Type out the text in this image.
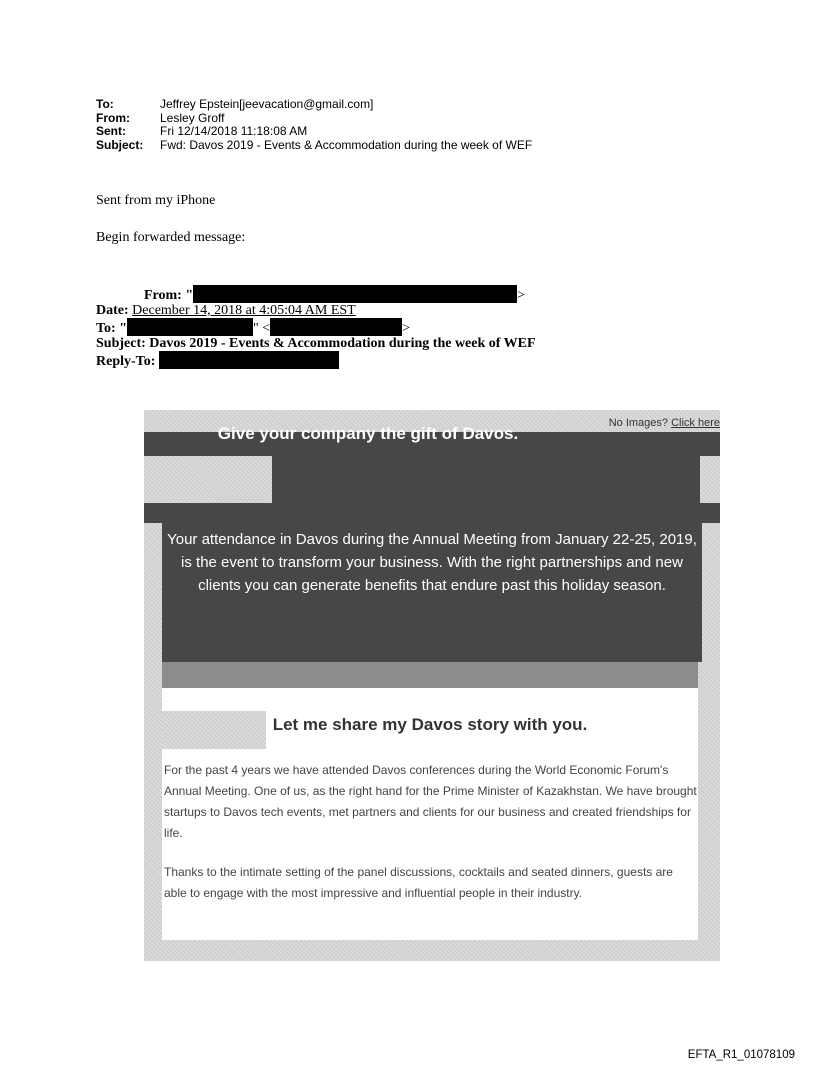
To:	Jeffrey Epstein[jeevacation@gmail.com]
From:	Lesley Groff
Sent:	Fri 12/14/2018 11:18:08 AM
Subject:	Fwd: Davos 2019 - Events & Accommodation during the week of WEF
Sent from my iPhone
Begin forwarded message:
From: "	>
Date: December 14, 2018 at 4:05:04 AM EST
To: "	" <	>
Subject: Davos 2019 - Events & Accommodation during the week of WEF
Reply-To:
No Images? Click here
Give your company the gift of Davos.
Your attendance in Davos during the Annual Meeting from January 22-25, 2019, is the event to transform your business. With the right partnerships and new clients you can generate benefits that endure past this holiday season.
Let me share my Davos story with you.
For the past 4 years we have attended Davos conferences during the World Economic Forum's Annual Meeting. One of us, as the right hand for the Prime Minister of Kazakhstan. We have brought startups to Davos tech events, met partners and clients for our business and created friendships for life.
Thanks to the intimate setting of the panel discussions, cocktails and seated dinners, guests are able to engage with the most impressive and influential people in their industry.
EFTA_R1_01078109
